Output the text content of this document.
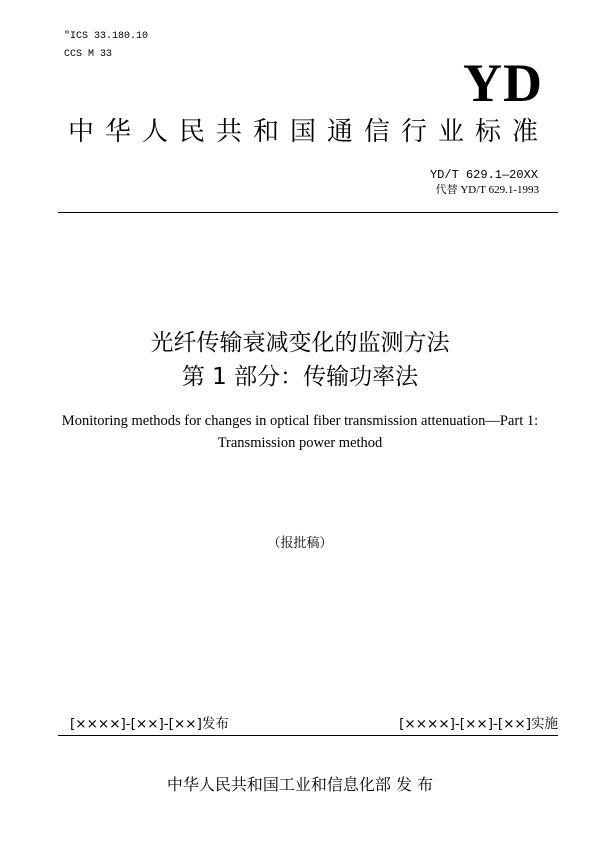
"ICS 33.180.10
CCS M 33	YD
中华人民共和国通信行业标准
YD/T 629.1—20XX
代替 YD/T 629.1-1993
光纤传输衰减变化的监测方法
第 1 部分：传输功率法
Monitoring methods for changes in optical fiber transmission attenuation—Part 1:
Transmission power method
（报批稿）
[××××]-[××]-[××]发布	[××××]-[××]-[××]实施
中华人民共和国工业和信息化部 发 布
